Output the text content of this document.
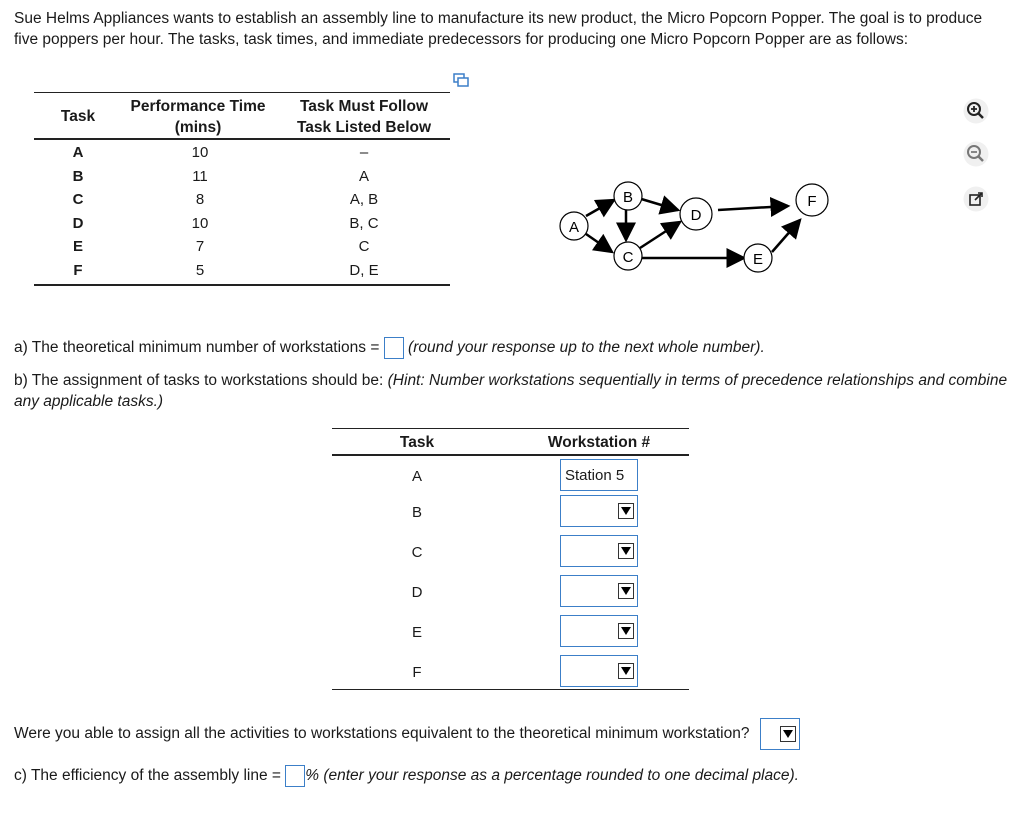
Sue Helms Appliances wants to establish an assembly line to manufacture its new product, the Micro Popcorn Popper. The goal is to produce five poppers per hour. The tasks, task times, and immediate predecessors for producing one Micro Popcorn Popper are as follows:
Task
Performance Time
(mins)
Task Must Follow
Task Listed Below
A	10	–
B	11	A
C	8	A, B
D	10	B, C
E	7	C
F	5	D, E
A
B
C
D
E
F
a) The theoretical minimum number of workstations = (round your response up to the next whole number).
b) The assignment of tasks to workstations should be: (Hint: Number workstations sequentially in terms of precedence relationships and combine any applicable tasks.)
Task	Workstation #
A	Station 5
B
C
D
E
F
Were you able to assign all the activities to workstations equivalent to the theoretical minimum workstation?
c) The efficiency of the assembly line = % (enter your response as a percentage rounded to one decimal place).
